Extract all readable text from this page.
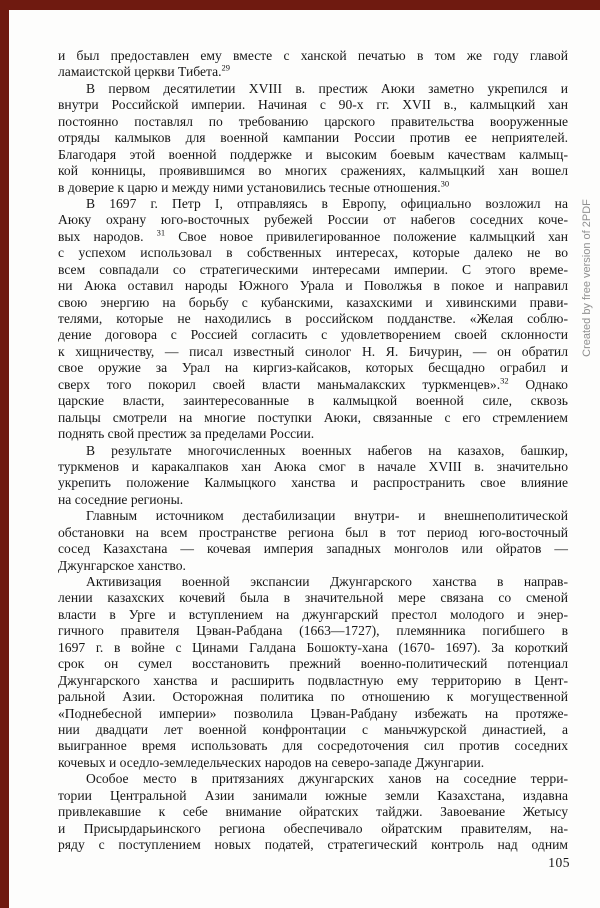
и был предоставлен ему вместе с ханской печатью в том же году главой
ламаистской церкви Тибета.$^{29}$
В первом десятилетии XVIII в. престиж Аюки заметно укрепился и
внутри Российской империи. Начиная с 90-х гг. XVII в., калмыцкий хан
постоянно поставлял по требованию царского правительства вооруженные
отряды калмыков для военной кампании России против ее неприятелей.
Благодаря этой военной поддержке и высоким боевым качествам калмыц-
кой конницы, проявившимся во многих сражениях, калмыцкий хан вошел
в доверие к царю и между ними установились тесные отношения.$^{30}$
В 1697 г. Петр I, отправляясь в Европу, официально возложил на
Аюку охрану юго-восточных рубежей России от набегов соседних коче-
вых народов. $^{31}$ Свое новое привилегированное положение калмыцкий хан
с успехом использовал в собственных интересах, которые далеко не во
всем совпадали со стратегическими интересами империи. С этого време-
ни Аюка оставил народы Южного Урала и Поволжья в покое и направил
свою энергию на борьбу с кубанскими, казахскими и хивинскими прави-
телями, которые не находились в российском подданстве. «Желая соблю-
дение договора с Россией согласить с удовлетворением своей склонности
к хищничеству, — писал известный синолог Н. Я. Бичурин, — он обратил
свое оружие за Урал на киргиз-кайсаков, которых бесщадно ограбил и
сверх того покорил своей власти маньмалакских туркменцев».$^{32}$ Однако
царские власти, заинтересованные в калмыцкой военной силе, сквозь
пальцы смотрели на многие поступки Аюки, связанные с его стремлением
поднять свой престиж за пределами России.
В результате многочисленных военных набегов на казахов, башкир,
туркменов и каракалпаков хан Аюка смог в начале XVIII в. значительно
укрепить положение Калмыцкого ханства и распространить свое влияние
на соседние регионы.
Главным источником дестабилизации внутри- и внешнеполитической
обстановки на всем пространстве региона был в тот период юго-восточный
сосед Казахстана — кочевая империя западных монголов или ойратов —
Джунгарское ханство.
Активизация военной экспансии Джунгарского ханства в направ-
лении казахских кочевий была в значительной мере связана со сменой
власти в Урге и вступлением на джунгарский престол молодого и энер-
гичного правителя Цэван-Рабдана (1663—1727), племянника погибшего в
1697 г. в войне с Цинами Галдана Бошокту-хана (1670- 1697). За короткий
срок он сумел восстановить прежний военно-политический потенциал
Джунгарского ханства и расширить подвластную ему территорию в Цент-
ральной Азии. Осторожная политика по отношению к могущественной
«Поднебесной империи» позволила Цэван-Рабдану избежать на протяже-
нии двадцати лет военной конфронтации с маньчжурской династией, а
выигранное время использовать для сосредоточения сил против соседних
кочевых и оседло-земледельческих народов на северо-западе Джунгарии.
Особое место в притязаниях джунгарских ханов на соседние терри-
тории Центральной Азии занимали южные земли Казахстана, издавна
привлекавшие к себе внимание ойратских тайджи. Завоевание Жетысу
и Присырдарьинского региона обеспечивало ойратским правителям, на-
ряду с поступлением новых податей, стратегический контроль над одним
Created by free version of 2PDF
105
